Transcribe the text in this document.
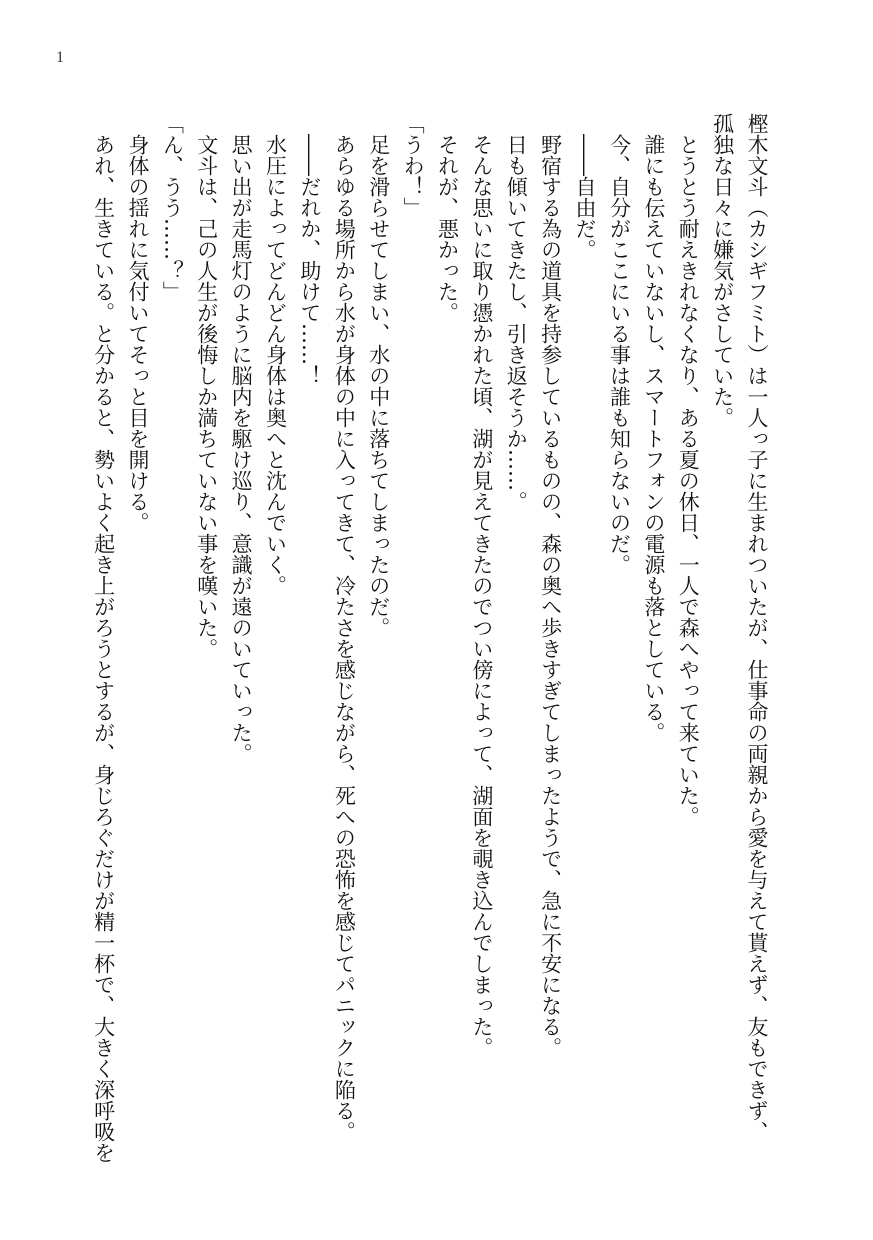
1
樫木文斗（カシギフミト）は一人っ子に生まれついたが、仕事命の両親から愛を与えて貰えず、友もできず、
孤独な日々に嫌気がさしていた。
　とうとう耐えきれなくなり、ある夏の休日、一人で森へやって来ていた。
　誰にも伝えていないし、スマートフォンの電源も落としている。
　今、自分がここにいる事は誰も知らないのだ。
　――自由だ。
　野宿する為の道具を持参しているものの、森の奥へ歩きすぎてしまったようで、急に不安になる。
　日も傾いてきたし、引き返そうか……。
　そんな思いに取り憑かれた頃、湖が見えてきたのでつい傍によって、湖面を覗き込んでしまった。
　それが、悪かった。
「うわ！」
　足を滑らせてしまい、水の中に落ちてしまったのだ。
　あらゆる場所から水が身体の中に入ってきて、冷たさを感じながら、死への恐怖を感じてパニックに陥る。
　――だれか、助けて……！
　水圧によってどんどん身体は奥へと沈んでいく。
　思い出が走馬灯のように脳内を駆け巡り、意識が遠のいていった。
　文斗は、己の人生が後悔しか満ちていない事を嘆いた。
「ん、うう……？」
　身体の揺れに気付いてそっと目を開ける。
　あれ、生きている。と分かると、勢いよく起き上がろうとするが、身じろぐだけが精一杯で、大きく深呼吸を
